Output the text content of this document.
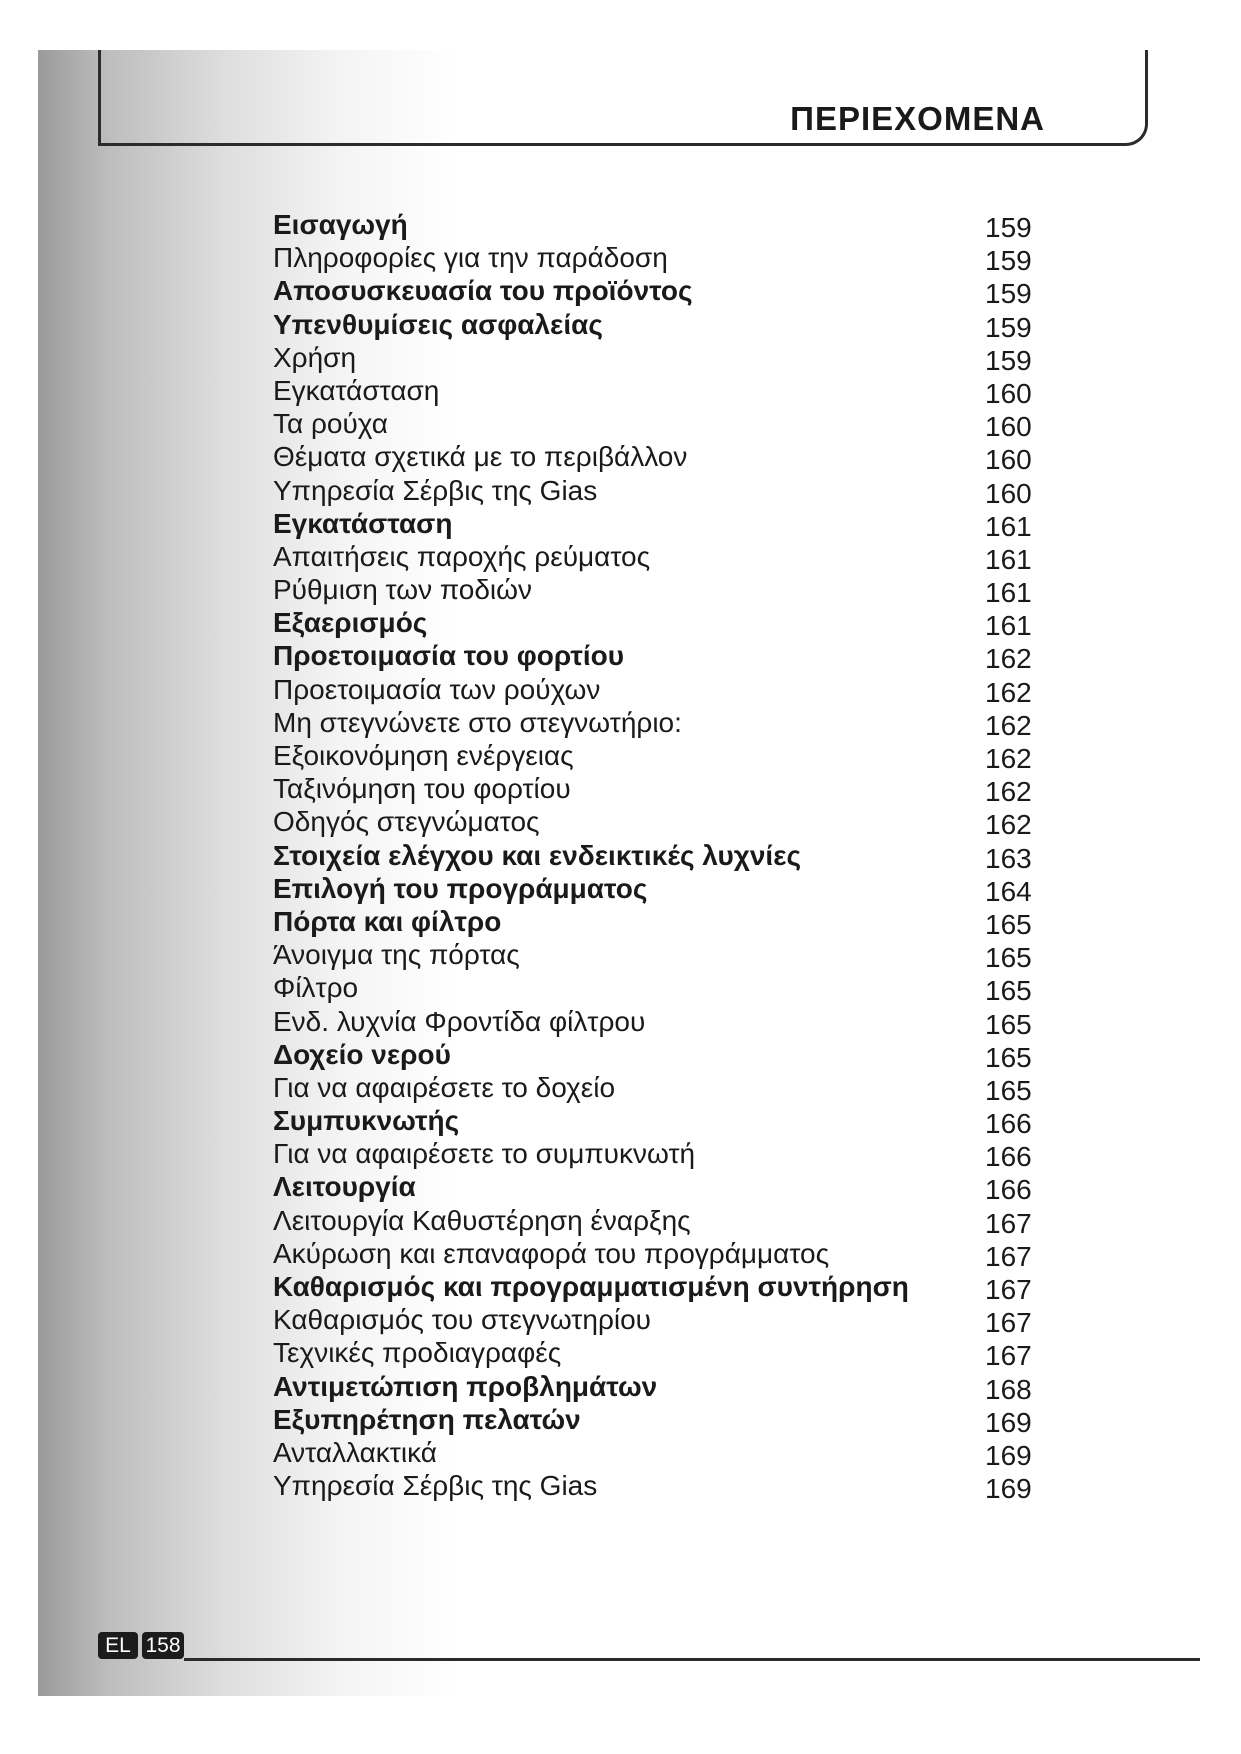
ΠΕΡΙΕΧΟΜΕΝΑ
Εισαγωγή	159
Πληροφορίες για την παράδοση	159
Αποσυσκευασία του προϊόντος	159
Υπενθυμίσεις ασφαλείας	159
Χρήση	159
Εγκατάσταση	160
Τα ρούχα	160
Θέματα σχετικά με το περιβάλλον	160
Υπηρεσία Σέρβις της Gias	160
Εγκατάσταση	161
Απαιτήσεις παροχής ρεύματος	161
Ρύθμιση των ποδιών	161
Εξαερισμός	161
Προετοιμασία του φορτίου	162
Προετοιμασία των ρούχων	162
Μη στεγνώνετε στο στεγνωτήριο:	162
Εξοικονόμηση ενέργειας	162
Ταξινόμηση του φορτίου	162
Οδηγός στεγνώματος	162
Στοιχεία ελέγχου και ενδεικτικές λυχνίες	163
Επιλογή του προγράμματος	164
Πόρτα και φίλτρο	165
Άνοιγμα της πόρτας	165
Φίλτρο	165
Ενδ. λυχνία Φροντίδα φίλτρου	165
Δοχείο νερού	165
Για να αφαιρέσετε το δοχείο	165
Συμπυκνωτής	166
Για να αφαιρέσετε το συμπυκνωτή	166
Λειτουργία	166
Λειτουργία Καθυστέρηση έναρξης	167
Ακύρωση και επαναφορά του προγράμματος	167
Καθαρισμός και προγραμματισμένη συντήρηση	167
Καθαρισμός του στεγνωτηρίου	167
Τεχνικές προδιαγραφές	167
Αντιμετώπιση προβλημάτων	168
Εξυπηρέτηση πελατών	169
Ανταλλακτικά	169
Υπηρεσία Σέρβις της Gias	169
EL 158
